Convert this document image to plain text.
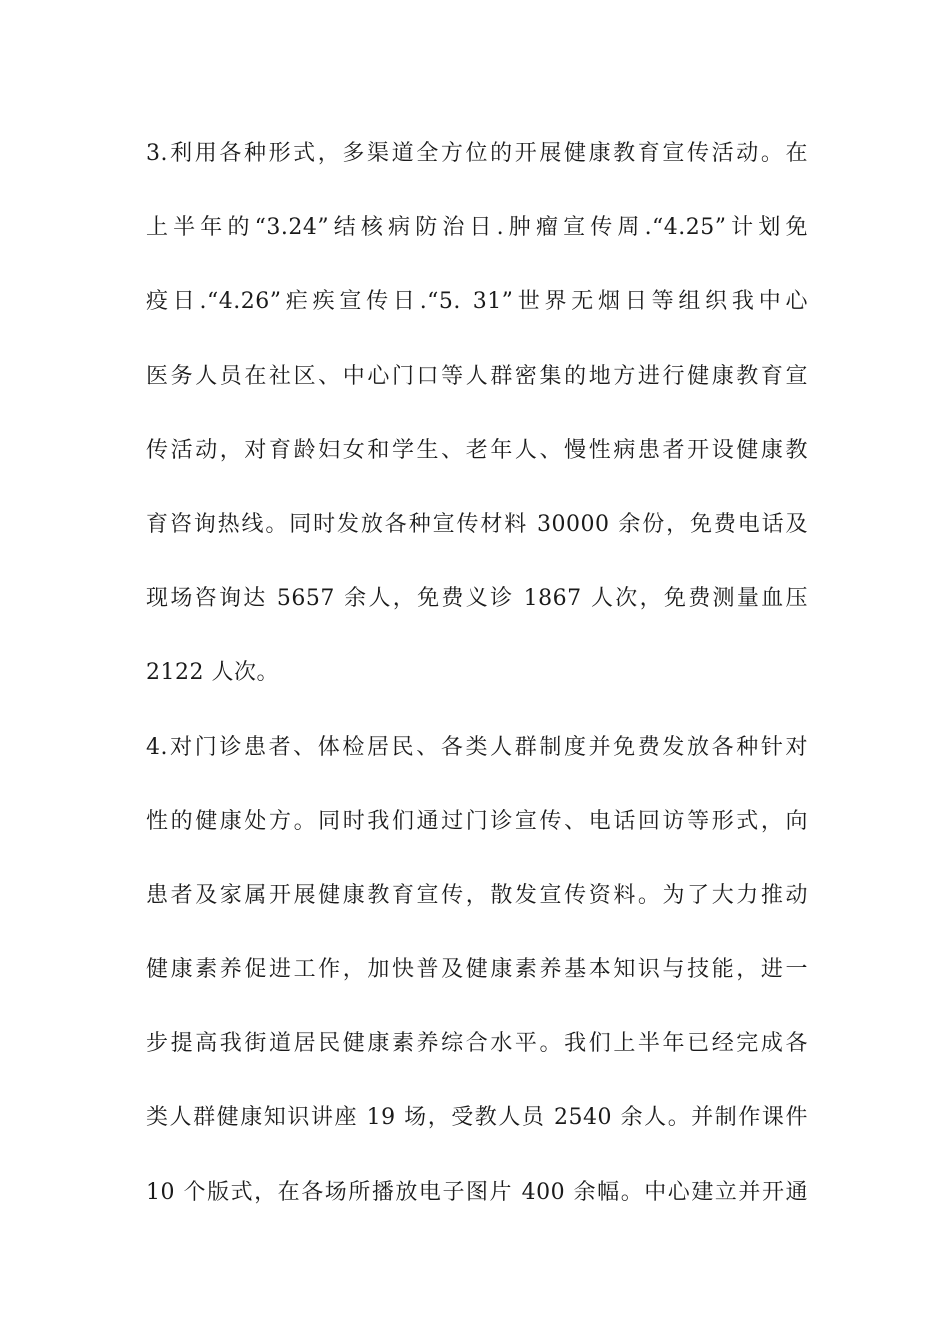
3.利用各种形式，多渠道全方位的开展健康教育宣传活动。在
上半年的“3.24”结核病防治日.肿瘤宣传周.“4.25”计划免
疫日.“4.26”疟疾宣传日.“5. 31”世界无烟日等组织我中心
医务人员在社区、中心门口等人群密集的地方进行健康教育宣
传活动，对育龄妇女和学生、老年人、慢性病患者开设健康教
育咨询热线。同时发放各种宣传材料 30000 余份，免费电话及
现场咨询达 5657 余人，免费义诊 1867 人次，免费测量血压
2122 人次。
4.对门诊患者、体检居民、各类人群制度并免费发放各种针对
性的健康处方。同时我们通过门诊宣传、电话回访等形式，向
患者及家属开展健康教育宣传，散发宣传资料。为了大力推动
健康素养促进工作，加快普及健康素养基本知识与技能，进一
步提高我街道居民健康素养综合水平。我们上半年已经完成各
类人群健康知识讲座 19 场，受教人员 2540 余人。并制作课件
10 个版式，在各场所播放电子图片 400 余幅。中心建立并开通
